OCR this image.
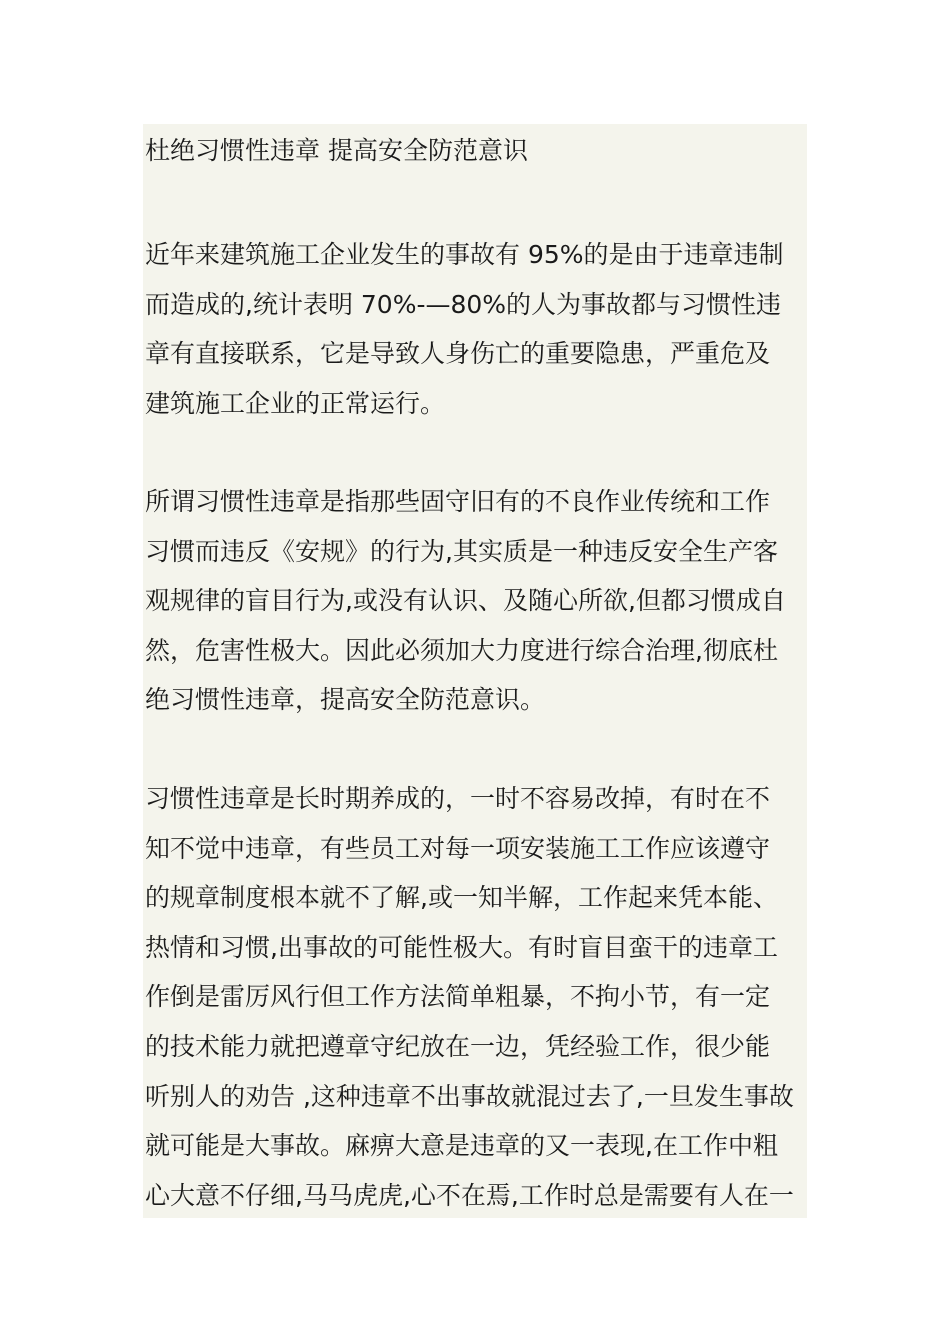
杜绝习惯性违章 提高安全防范意识

近年来建筑施工企业发生的事故有 95%的是由于违章违制
而造成的,统计表明 70%-—80%的人为事故都与习惯性违
章有直接联系，它是导致人身伤亡的重要隐患，严重危及
建筑施工企业的正常运行。

所谓习惯性违章是指那些固守旧有的不良作业传统和工作
习惯而违反《安规》的行为,其实质是一种违反安全生产客
观规律的盲目行为,或没有认识、及随心所欲,但都习惯成自
然，危害性极大。因此必须加大力度进行综合治理,彻底杜
绝习惯性违章，提高安全防范意识。

习惯性违章是长时期养成的，一时不容易改掉，有时在不
知不觉中违章，有些员工对每一项安装施工工作应该遵守
的规章制度根本就不了解,或一知半解，工作起来凭本能、
热情和习惯,出事故的可能性极大。有时盲目蛮干的违章工
作倒是雷厉风行但工作方法简单粗暴，不拘小节，有一定
的技术能力就把遵章守纪放在一边，凭经验工作，很少能
听别人的劝告 ,这种违章不出事故就混过去了,一旦发生事故
就可能是大事故。麻痹大意是违章的又一表现,在工作中粗
心大意不仔细,马马虎虎,心不在焉,工作时总是需要有人在一
